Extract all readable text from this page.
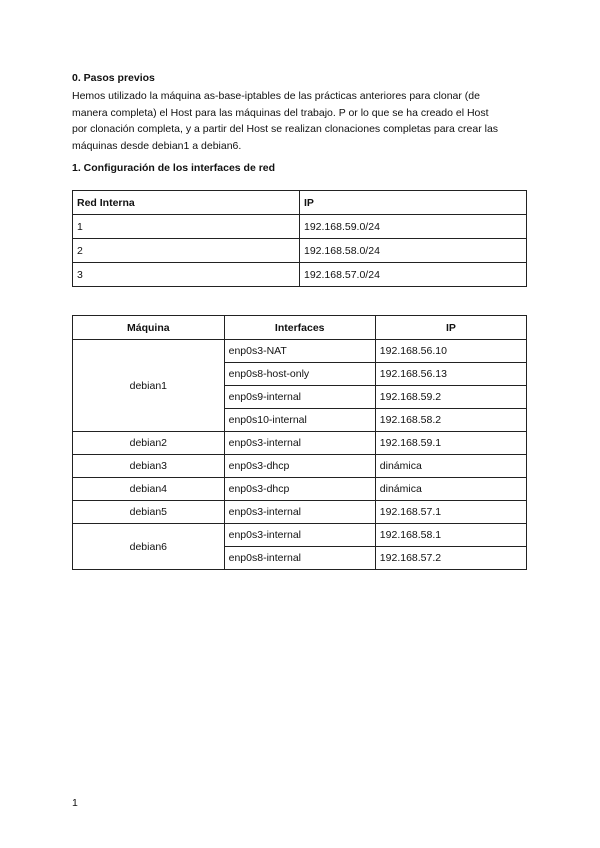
0. Pasos previos
Hemos utilizado la máquina as-base-iptables de las prácticas anteriores para clonar (de
manera completa) el Host para las máquinas del trabajo. P or lo que se ha creado el Host
por clonación completa, y a partir del Host se realizan clonaciones completas para crear las
máquinas desde debian1 a debian6.
1. Configuración de los interfaces de red
Red Interna	IP
1	192.168.59.0/24
2	192.168.58.0/24
3	192.168.57.0/24
Máquina	Interfaces	IP
debian1	enp0s3-NAT	192.168.56.10
	enp0s8-host-only	192.168.56.13
	enp0s9-internal	192.168.59.2
	enp0s10-internal	192.168.58.2
debian2	enp0s3-internal	192.168.59.1
debian3	enp0s3-dhcp	dinámica
debian4	enp0s3-dhcp	dinámica
debian5	enp0s3-internal	192.168.57.1
debian6	enp0s3-internal	192.168.58.1
	enp0s8-internal	192.168.57.2
1
